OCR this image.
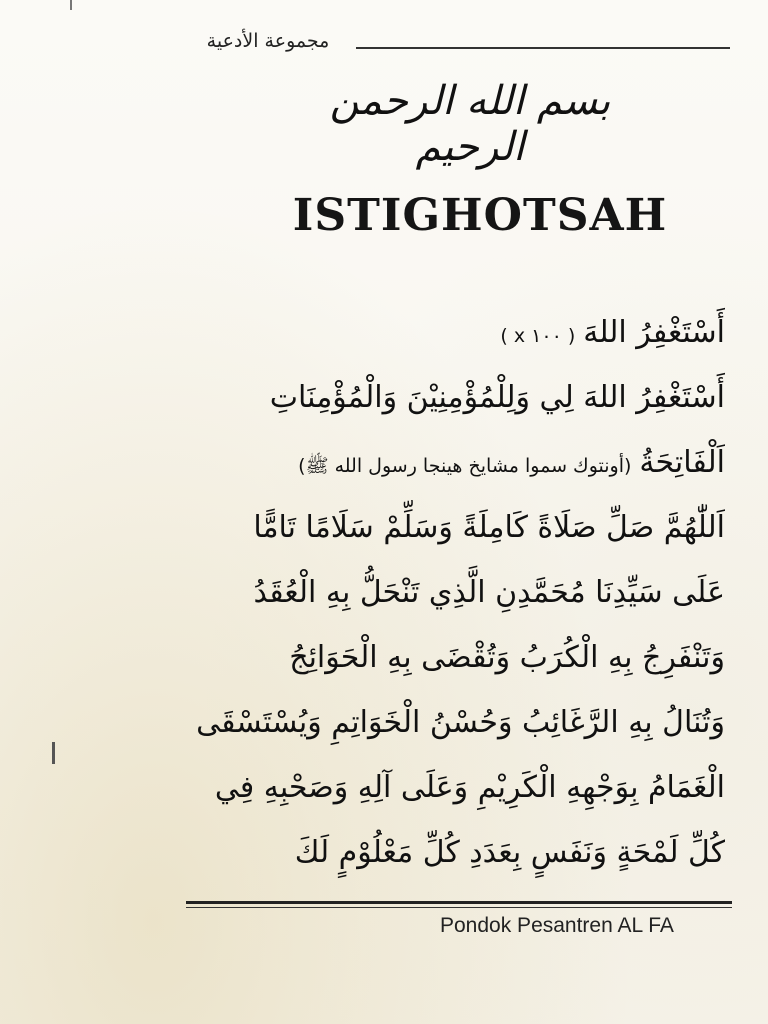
مجموعة الأدعية
بسم الله الرحمن الرحيم
ISTIGHOTSAH
أَسْتَغْفِرُ اللهَ( ١٠٠ x )
أَسْتَغْفِرُ اللهَ لِي وَلِلْمُؤْمِنِيْنَ وَالْمُؤْمِنَاتِ
اَلْفَاتِحَةُ(أونتوك سموا مشايخ هينجا رسول الله ﷺ)
اَللّٰهُمَّ صَلِّ صَلَاةً كَامِلَةً وَسَلِّمْ سَلَامًا تَامًّا
عَلَى سَيِّدِنَا مُحَمَّدِنِ الَّذِي تَنْحَلُّ بِهِ الْعُقَدُ
وَتَنْفَرِجُ بِهِ الْكُرَبُ وَتُقْضَى بِهِ الْحَوَائِجُ
وَتُنَالُ بِهِ الرَّغَائِبُ وَحُسْنُ الْخَوَاتِمِ وَيُسْتَسْقَى
الْغَمَامُ بِوَجْهِهِ الْكَرِيْمِ وَعَلَى آلِهِ وَصَحْبِهِ فِي
كُلِّ لَمْحَةٍ وَنَفَسٍ بِعَدَدِ كُلِّ مَعْلُوْمٍ لَكَ
Pondok Pesantren AL FA
